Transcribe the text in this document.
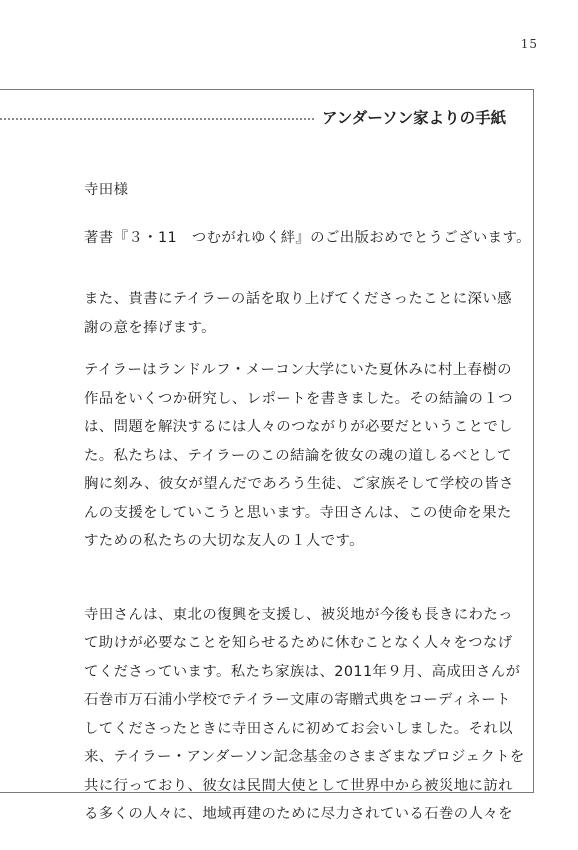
15
アンダーソン家よりの手紙

寺田様

著書『３・11　つむがれゆく絆』のご出版おめでとうございます。

また、貴書にテイラーの話を取り上げてくださったことに深い感
謝の意を捧げます。

テイラーはランドルフ・メーコン大学にいた夏休みに村上春樹の
作品をいくつか研究し、レポートを書きました。その結論の１つ
は、問題を解決するには人々のつながりが必要だということでし
た。私たちは、テイラーのこの結論を彼女の魂の道しるべとして
胸に刻み、彼女が望んだであろう生徒、ご家族そして学校の皆さ
んの支援をしていこうと思います。寺田さんは、この使命を果た
すための私たちの大切な友人の１人です。

寺田さんは、東北の復興を支援し、被災地が今後も長きにわたっ
て助けが必要なことを知らせるために休むことなく人々をつなげ
てくださっています。私たち家族は、2011年９月、高成田さんが
石巻市万石浦小学校でテイラー文庫の寄贈式典をコーディネート
してくださったときに寺田さんに初めてお会いしました。それ以
来、テイラー・アンダーソン記念基金のさまざまなプロジェクトを
共に行っており、彼女は民間大使として世界中から被災地に訪れ
る多くの人々に、地域再建のために尽力されている石巻の人々を
